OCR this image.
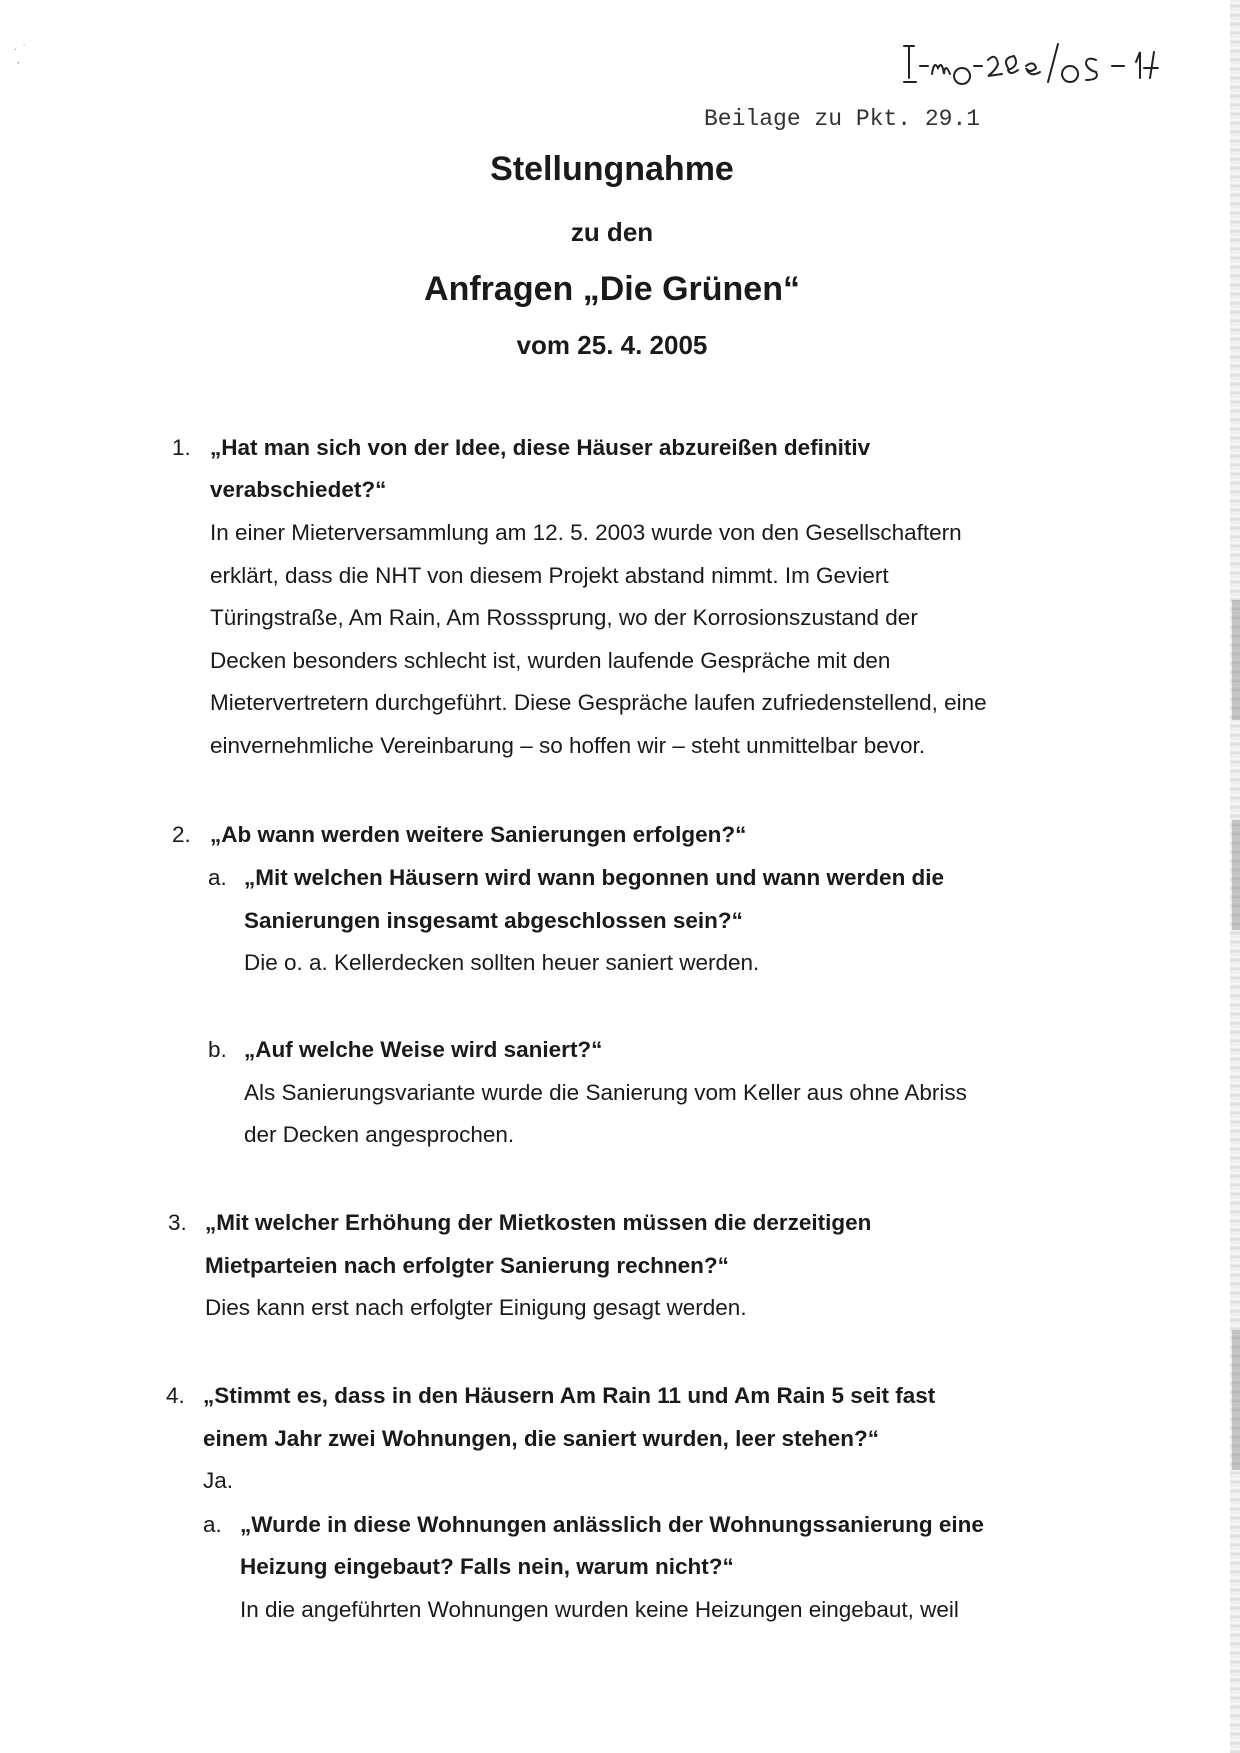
·  ˙
,
Beilage zu Pkt. 29.1
Stellungnahme
zu den
Anfragen „Die Grünen“
vom 25. 4. 2005
1. „Hat man sich von der Idee, diese Häuser abzureißen definitiv
verabschiedet?“
In einer Mieterversammlung am 12. 5. 2003 wurde von den Gesellschaftern
erklärt, dass die NHT von diesem Projekt abstand nimmt. Im Geviert
Türingstraße, Am Rain, Am Rosssprung, wo der Korrosionszustand der
Decken besonders schlecht ist, wurden laufende Gespräche mit den
Mietervertretern durchgeführt. Diese Gespräche laufen zufriedenstellend, eine
einvernehmliche Vereinbarung – so hoffen wir – steht unmittelbar bevor.
2. „Ab wann werden weitere Sanierungen erfolgen?“
a. „Mit welchen Häusern wird wann begonnen und wann werden die
Sanierungen insgesamt abgeschlossen sein?“
Die o. a. Kellerdecken sollten heuer saniert werden.
b. „Auf welche Weise wird saniert?“
Als Sanierungsvariante wurde die Sanierung vom Keller aus ohne Abriss
der Decken angesprochen.
3. „Mit welcher Erhöhung der Mietkosten müssen die derzeitigen
Mietparteien nach erfolgter Sanierung rechnen?“
Dies kann erst nach erfolgter Einigung gesagt werden.
4. „Stimmt es, dass in den Häusern Am Rain 11 und Am Rain 5 seit fast
einem Jahr zwei Wohnungen, die saniert wurden, leer stehen?“
Ja.
a. „Wurde in diese Wohnungen anlässlich der Wohnungssanierung eine
Heizung eingebaut? Falls nein, warum nicht?“
In die angeführten Wohnungen wurden keine Heizungen eingebaut, weil
